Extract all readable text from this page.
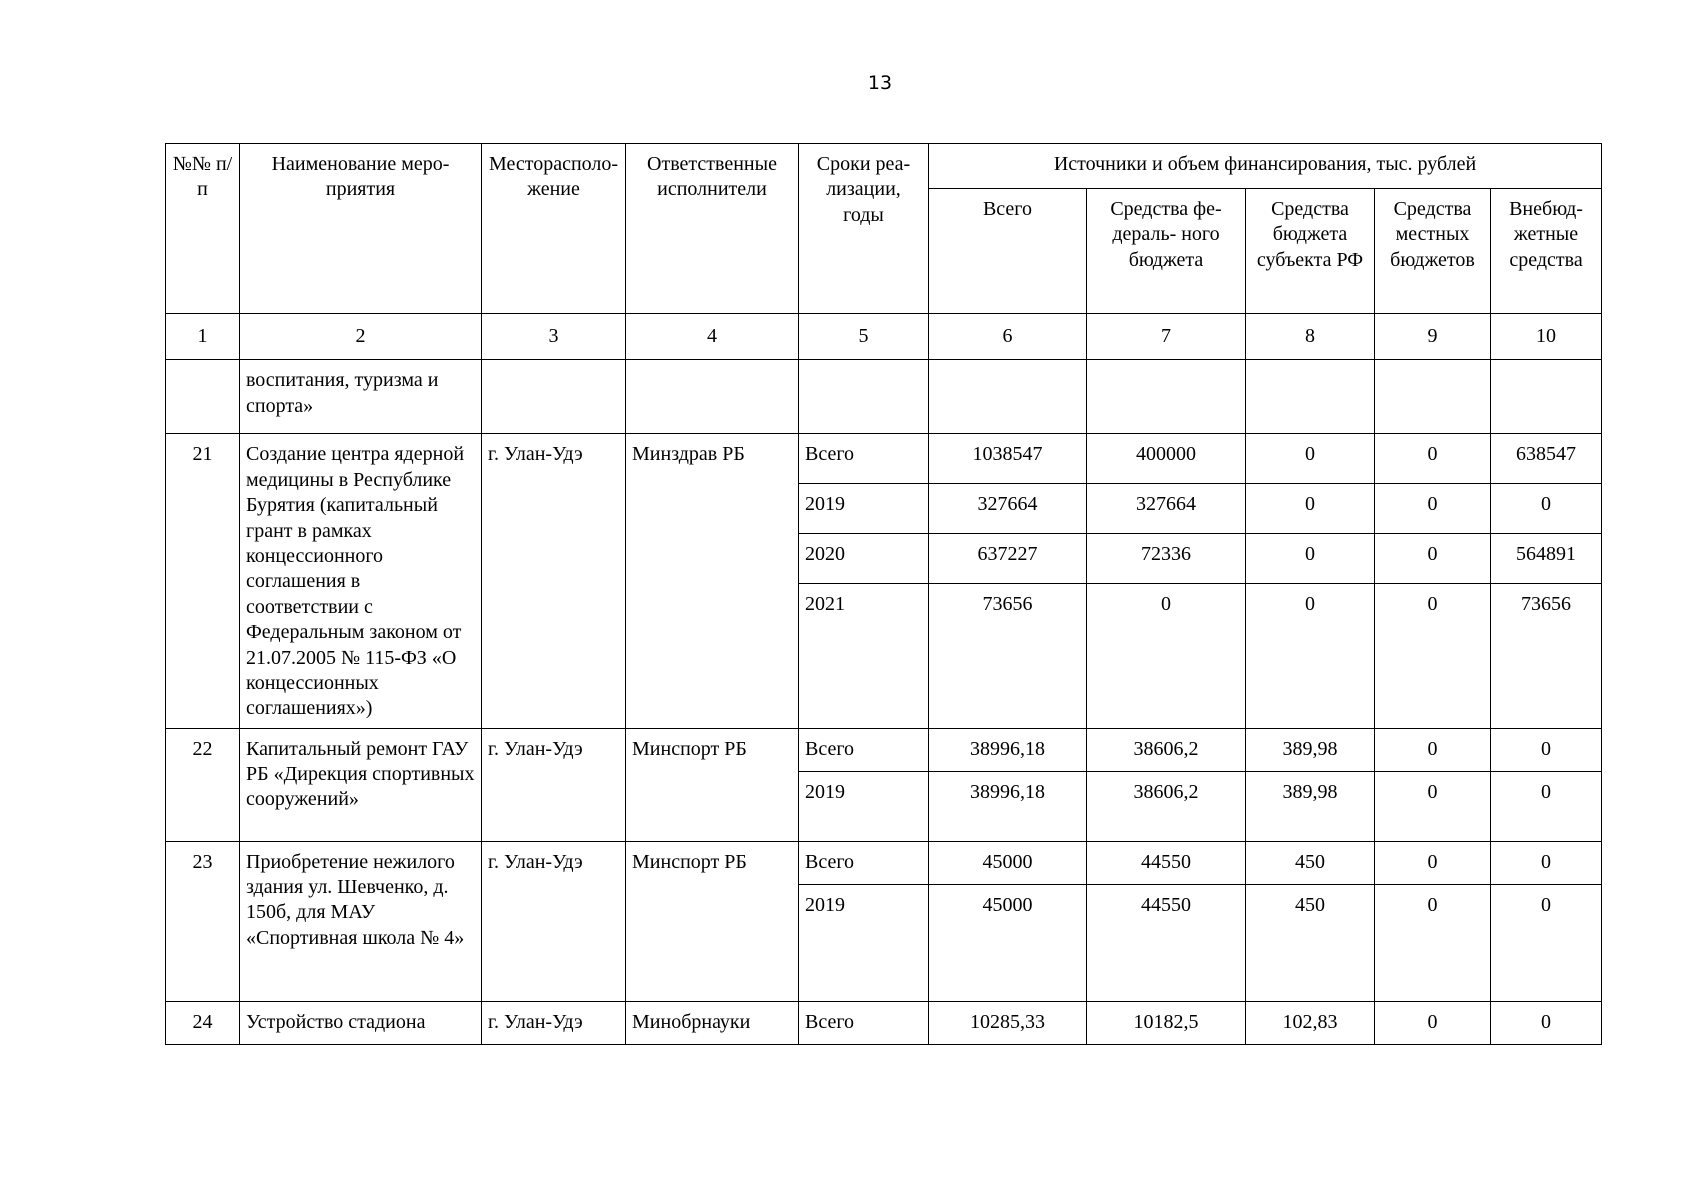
13
№№ п/п	Наименование меро- приятия	Месторасполо- жение	Ответственные исполнители	Сроки реа- лизации, годы	Источники и объем финансирования, тыс. рублей				
					Всего	Средства фе- дераль- ного бюджета	Средства бюджета субъекта РФ	Средства местных бюджетов	Внебюд- жетные средства
1	2	3	4	5	6	7	8	9	10
	воспитания, туризма и спорта»								
21	Создание центра ядерной медицины в Республике Бурятия (капитальный грант в рамках концессионного соглашения в соответствии с Федеральным законом от 21.07.2005 № 115-ФЗ «О концессионных соглашениях»)	г. Улан-Удэ	Минздрав РБ	Всего	1038547	400000	0	0	638547
				2019	327664	327664	0	0	0
				2020	637227	72336	0	0	564891
				2021	73656	0	0	0	73656
22	Капитальный ремонт ГАУ РБ «Дирекция спортивных сооружений»	г. Улан-Удэ	Минспорт РБ	Всего	38996,18	38606,2	389,98	0	0
				2019	38996,18	38606,2	389,98	0	0
23	Приобретение нежилого здания ул. Шевченко, д. 150б, для МАУ «Спортивная школа № 4»	г. Улан-Удэ	Минспорт РБ	Всего	45000	44550	450	0	0
				2019	45000	44550	450	0	0
24	Устройство стадиона	г. Улан-Удэ	Минобрнауки	Всего	10285,33	10182,5	102,83	0	0
